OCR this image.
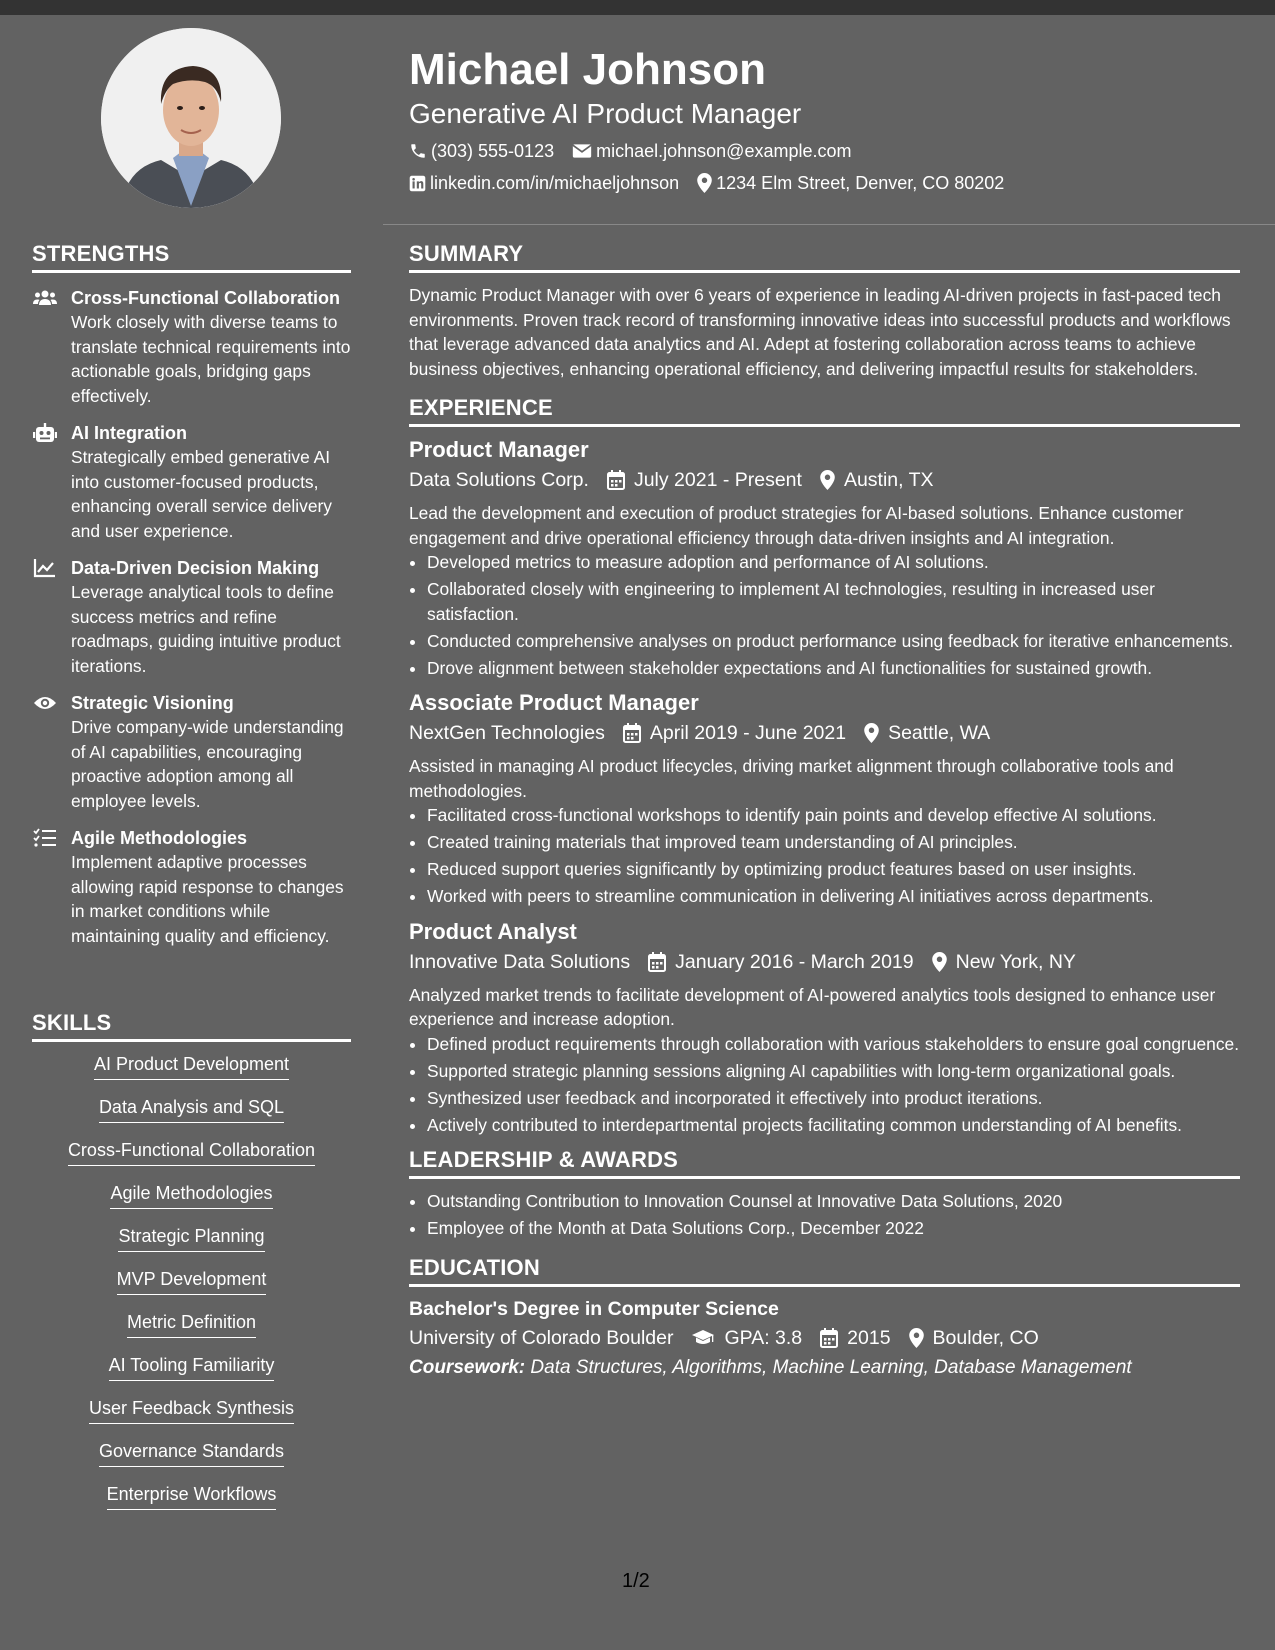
Michael Johnson
Generative AI Product Manager
(303) 555-0123 michael.johnson@example.com
linkedin.com/in/michaeljohnson 1234 Elm Street, Denver, CO 80202
STRENGTHS
Cross-Functional Collaboration
Work closely with diverse teams to translate technical requirements into actionable goals, bridging gaps effectively.
AI Integration
Strategically embed generative AI into customer-focused products, enhancing overall service delivery and user experience.
Data-Driven Decision Making
Leverage analytical tools to define success metrics and refine roadmaps, guiding intuitive product iterations.
Strategic Visioning
Drive company-wide understanding of AI capabilities, encouraging proactive adoption among all employee levels.
Agile Methodologies
Implement adaptive processes allowing rapid response to changes in market conditions while maintaining quality and efficiency.
SKILLS
AI Product Development
Data Analysis and SQL
Cross-Functional Collaboration
Agile Methodologies
Strategic Planning
MVP Development
Metric Definition
AI Tooling Familiarity
User Feedback Synthesis
Governance Standards
Enterprise Workflows
SUMMARY
Dynamic Product Manager with over 6 years of experience in leading AI-driven projects in fast-paced tech environments. Proven track record of transforming innovative ideas into successful products and workflows that leverage advanced data analytics and AI. Adept at fostering collaboration across teams to achieve business objectives, enhancing operational efficiency, and delivering impactful results for stakeholders.
EXPERIENCE
Product Manager
Data Solutions Corp. July 2021 - Present Austin, TX
Lead the development and execution of product strategies for AI-based solutions. Enhance customer engagement and drive operational efficiency through data-driven insights and AI integration.
• Developed metrics to measure adoption and performance of AI solutions.
• Collaborated closely with engineering to implement AI technologies, resulting in increased user satisfaction.
• Conducted comprehensive analyses on product performance using feedback for iterative enhancements.
• Drove alignment between stakeholder expectations and AI functionalities for sustained growth.
Associate Product Manager
NextGen Technologies April 2019 - June 2021 Seattle, WA
Assisted in managing AI product lifecycles, driving market alignment through collaborative tools and methodologies.
• Facilitated cross-functional workshops to identify pain points and develop effective AI solutions.
• Created training materials that improved team understanding of AI principles.
• Reduced support queries significantly by optimizing product features based on user insights.
• Worked with peers to streamline communication in delivering AI initiatives across departments.
Product Analyst
Innovative Data Solutions January 2016 - March 2019 New York, NY
Analyzed market trends to facilitate development of AI-powered analytics tools designed to enhance user experience and increase adoption.
• Defined product requirements through collaboration with various stakeholders to ensure goal congruence.
• Supported strategic planning sessions aligning AI capabilities with long-term organizational goals.
• Synthesized user feedback and incorporated it effectively into product iterations.
• Actively contributed to interdepartmental projects facilitating common understanding of AI benefits.
LEADERSHIP & AWARDS
• Outstanding Contribution to Innovation Counsel at Innovative Data Solutions, 2020
• Employee of the Month at Data Solutions Corp., December 2022
EDUCATION
Bachelor's Degree in Computer Science
University of Colorado Boulder	GPA: 3.8 2015 Boulder, CO
Coursework: Data Structures, Algorithms, Machine Learning, Database Management
1/2
